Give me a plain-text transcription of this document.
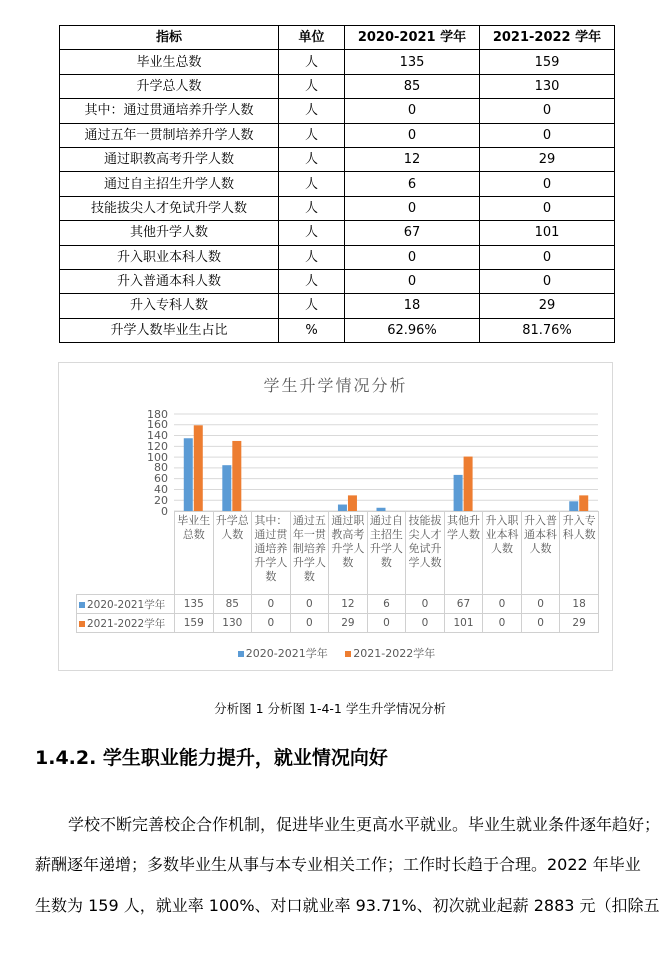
指标	单位	2020-2021 学年	2021-2022 学年
毕业生总数	人	135	159
升学总人数	人	85	130
其中：通过贯通培养升学人数	人	0	0
通过五年一贯制培养升学人数	人	0	0
通过职教高考升学人数	人	12	29
通过自主招生升学人数	人	6	0
技能拔尖人才免试升学人数	人	0	0
其他升学人数	人	67	101
升入职业本科人数	人	0	0
升入普通本科人数	人	0	0
升入专科人数	人	18	29
升学人数毕业生占比	%	62.96%	81.76%
学生升学情况分析
180
160
140
120
100
80
60
40
20
0
	毕业生总数	升学总人数	其中：通过贯通培养升学人数	通过五年一贯制培养升学人数	通过职教高考升学人数	通过自主招生升学人数	技能拔尖人才免试升学人数	其他升学人数	升入职业本科人数	升入普通本科人数	升入专科人数
2020-2021学年	135	85	0	0	12	6	0	67	0	0	18
2021-2022学年	159	130	0	0	29	0	0	101	0	0	29
2020-2021学年 2021-2022学年
分析图 1 分析图 1-4-1 学生升学情况分析
1.4.2. 学生职业能力提升，就业情况向好
学校不断完善校企合作机制，促进毕业生更高水平就业。毕业生就业条件逐年趋好；
薪酬逐年递增；多数毕业生从事与本专业相关工作；工作时长趋于合理。2022 年毕业
生数为 159 人，就业率 100%、对口就业率 93.71%、初次就业起薪 2883 元（扣除五
